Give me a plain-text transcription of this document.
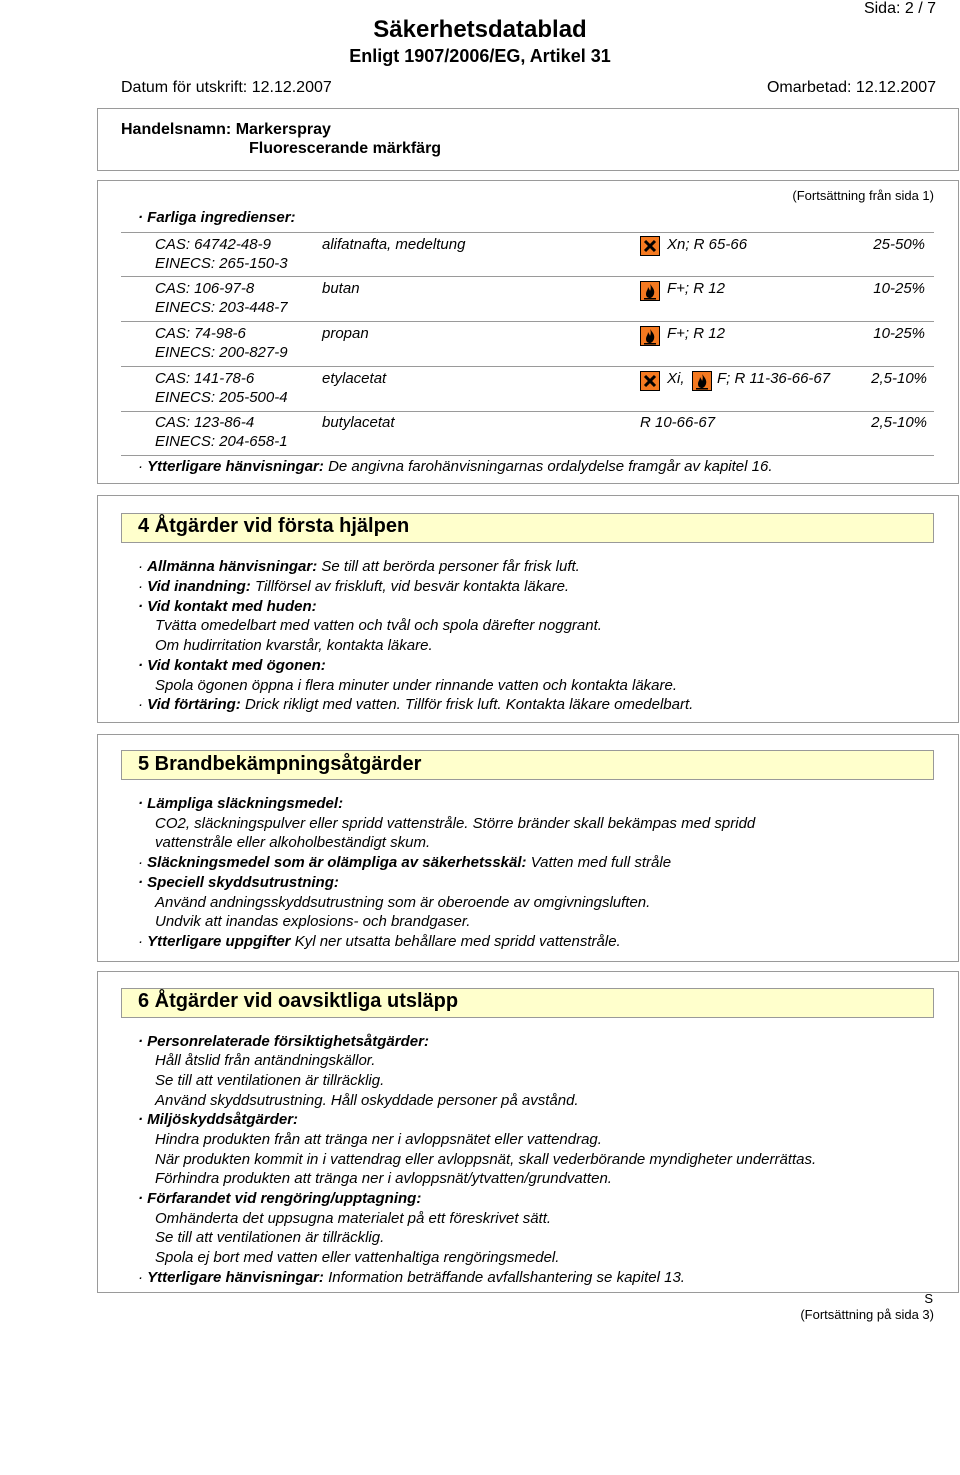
Sida: 2 / 7
Säkerhetsdatablad
Enligt 1907/2006/EG, Artikel 31
Datum för utskrift: 12.12.2007	Omarbetad: 12.12.2007
Handelsnamn: Markerspray
Fluorescerande märkfärg
(Fortsättning från sida 1)
· Farliga ingredienser:
CAS: 64742-48-9
EINECS: 265-150-3
alifatnafta, medeltung	Xn; R 65-66	25-50%
CAS: 106-97-8
EINECS: 203-448-7
butan	F+; R 12	10-25%
CAS: 74-98-6
EINECS: 200-827-9
propan	F+; R 12	10-25%
CAS: 141-78-6
EINECS: 205-500-4
etylacetat	Xi, F; R 11-36-66-67	2,5-10%
CAS: 123-86-4
EINECS: 204-658-1
butylacetat	R 10-66-67	2,5-10%
· Ytterligare hänvisningar: De angivna farohänvisningarnas ordalydelse framgår av kapitel 16.
4 Åtgärder vid första hjälpen
· Allmänna hänvisningar: Se till att berörda personer får frisk luft.
· Vid inandning: Tillförsel av friskluft, vid besvär kontakta läkare.
· Vid kontakt med huden:
Tvätta omedelbart med vatten och tvål och spola därefter noggrant.
Om hudirritation kvarstår, kontakta läkare.
· Vid kontakt med ögonen:
Spola ögonen öppna i flera minuter under rinnande vatten och kontakta läkare.
· Vid förtäring: Drick rikligt med vatten. Tillför frisk luft. Kontakta läkare omedelbart.
5 Brandbekämpningsåtgärder
· Lämpliga släckningsmedel:
CO2, släckningspulver eller spridd vattenstråle. Större bränder skall bekämpas med spridd
vattenstråle eller alkoholbeständigt skum.
· Släckningsmedel som är olämpliga av säkerhetsskäl: Vatten med full stråle
· Speciell skyddsutrustning:
Använd andningsskyddsutrustning som är oberoende av omgivningsluften.
Undvik att inandas explosions- och brandgaser.
· Ytterligare uppgifter Kyl ner utsatta behållare med spridd vattenstråle.
6 Åtgärder vid oavsiktliga utsläpp
· Personrelaterade försiktighetsåtgärder:
Håll åtslid från antändningskällor.
Se till att ventilationen är tillräcklig.
Använd skyddsutrustning. Håll oskyddade personer på avstånd.
· Miljöskyddsåtgärder:
Hindra produkten från att tränga ner i avloppsnätet eller vattendrag.
När produkten kommit in i vattendrag eller avloppsnät, skall vederbörande myndigheter underrättas.
Förhindra produkten att tränga ner i avloppsnät/ytvatten/grundvatten.
· Förfarandet vid rengöring/upptagning:
Omhänderta det uppsugna materialet på ett föreskrivet sätt.
Se till att ventilationen är tillräcklig.
Spola ej bort med vatten eller vattenhaltiga rengöringsmedel.
· Ytterligare hänvisningar: Information beträffande avfallshantering se kapitel 13.
S
(Fortsättning på sida 3)
